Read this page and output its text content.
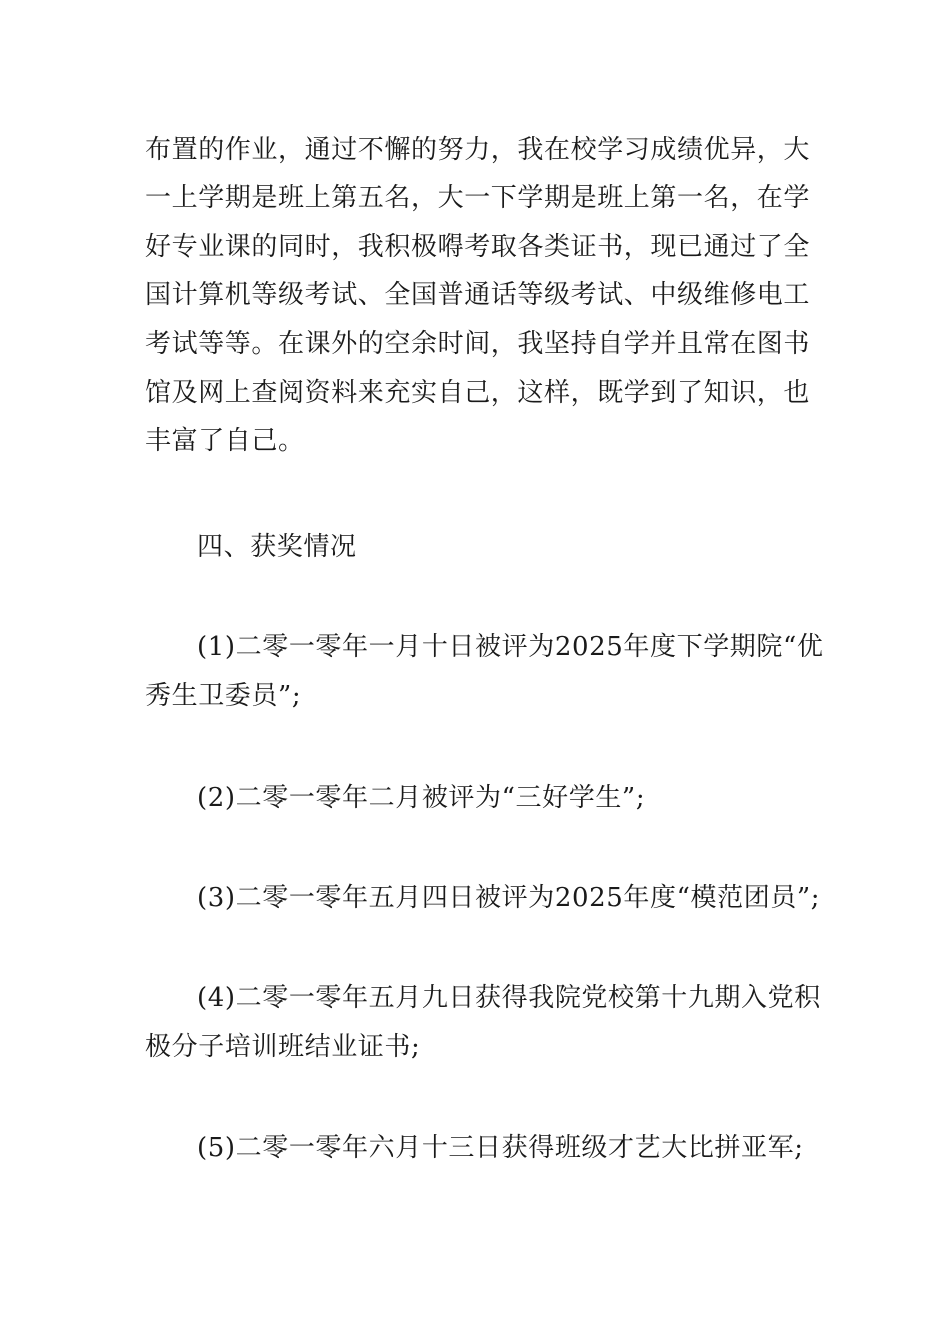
布置的作业，通过不懈的努力，我在校学习成绩优异，大
一上学期是班上第五名，大一下学期是班上第一名，在学
好专业课的同时，我积极嘚考取各类证书，现已通过了全
国计算机等级考试、全国普通话等级考试、中级维修电工
考试等等。在课外的空余时间，我坚持自学并且常在图书
馆及网上查阅资料来充实自己，这样，既学到了知识，也
丰富了自己。
四、获奖情况
(1)二零一零年一月十日被评为2025年度下学期院“优
秀生卫委员”;
(2)二零一零年二月被评为“三好学生”;
(3)二零一零年五月四日被评为2025年度“模范团员”;
(4)二零一零年五月九日获得我院党校第十九期入党积
极分子培训班结业证书;
(5)二零一零年六月十三日获得班级才艺大比拼亚军;
